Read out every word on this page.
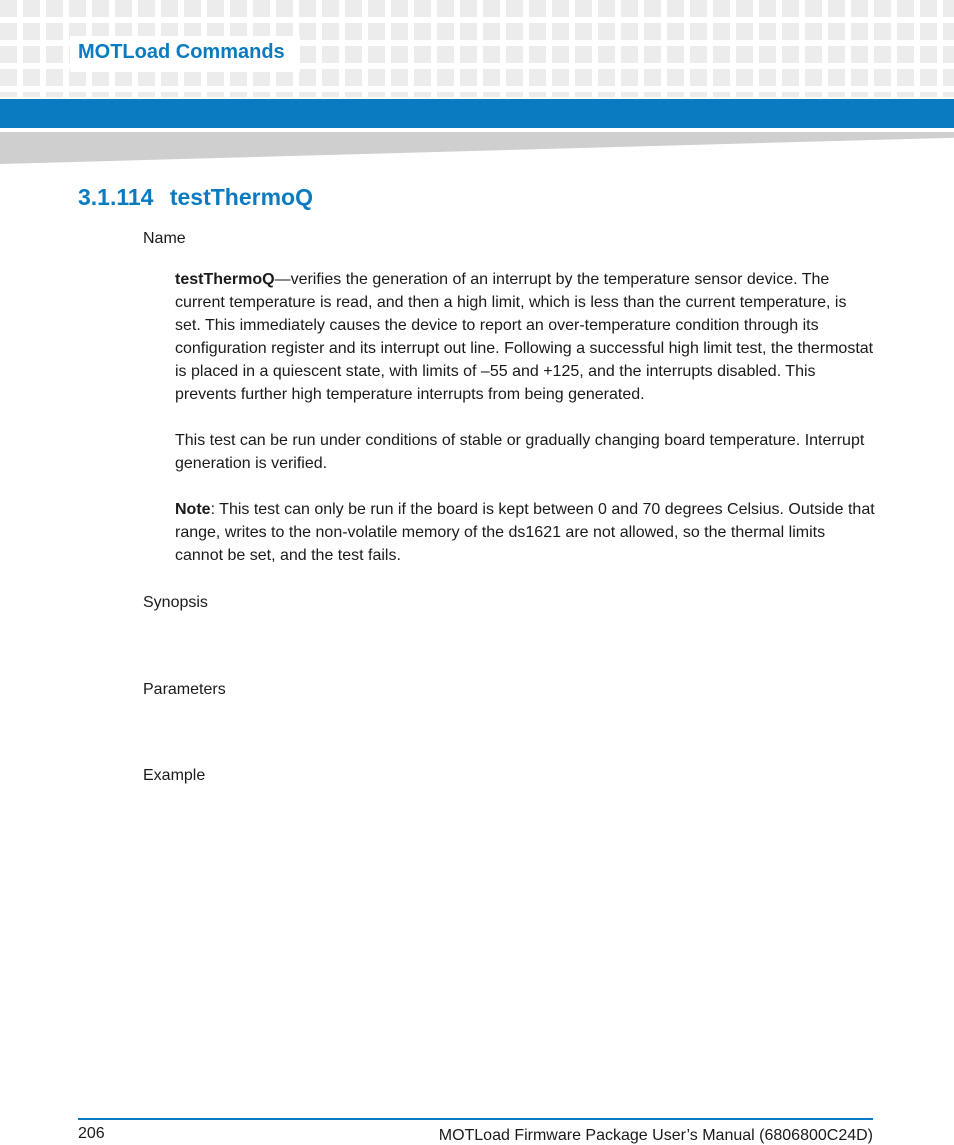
MOTLoad Commands
3.1.114 testThermoQ
Name

testThermoQ—verifies the generation of an interrupt by the temperature sensor device. The current temperature is read, and then a high limit, which is less than the current temperature, is set. This immediately causes the device to report an over-temperature condition through its configuration register and its interrupt out line. Following a successful high limit test, the thermostat is placed in a quiescent state, with limits of –55 and +125, and the interrupts disabled. This prevents further high temperature interrupts from being generated.

This test can be run under conditions of stable or gradually changing board temperature. Interrupt generation is verified.

Note: This test can only be run if the board is kept between 0 and 70 degrees Celsius. Outside that range, writes to the non-volatile memory of the ds1621 are not allowed, so the thermal limits cannot be set, and the test fails.

Synopsis
Parameters
Example
206	MOTLoad Firmware Package User’s Manual (6806800C24D)
